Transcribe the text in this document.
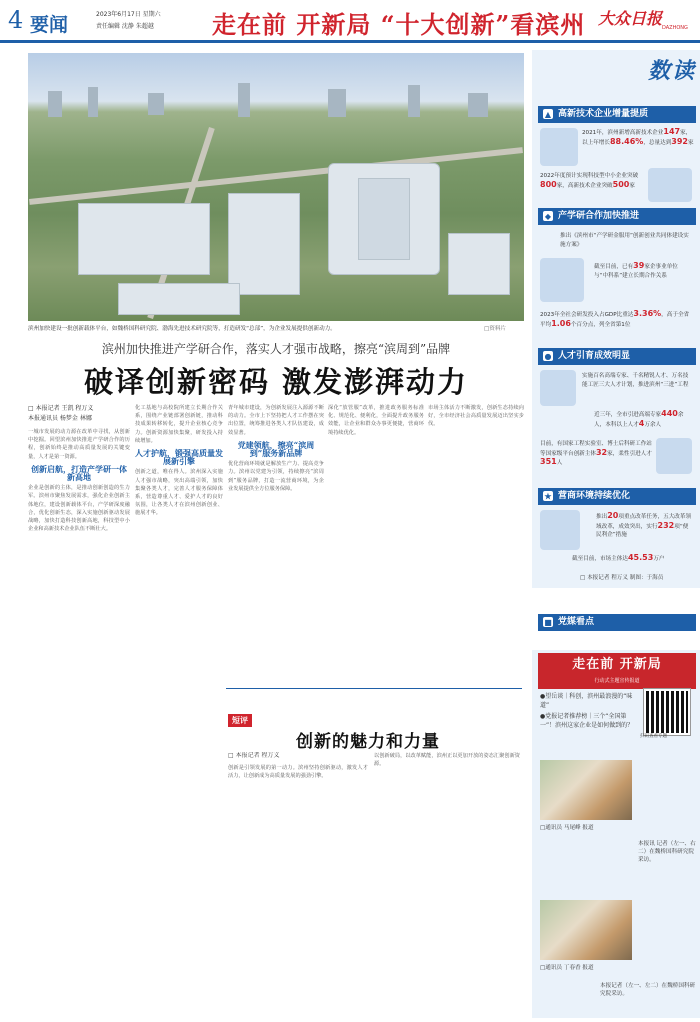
4 要闻	2023年6月17日 星期六
责任编辑 沈静 朱超越 走在前 开新局 “十大创新”看滨州 大众日报 DAZHONG
滨州加快建设一批创新载体平台，如魏桥国科研究院、渤海先进技术研究院等，打造研发“总部”，为企业发展提供创新动力。	□资料片
滨州加快推进产学研合作，落实人才强市战略，擦亮“滨周到”品牌
破译创新密码 激发澎湃动力
□ 本报记者 王凯 程万义
本报通讯员 杨梦金 林娜
一城市发展的动力源在改革中寻找，从创新中挖掘。回望滨州加快推进产学研合作的历程，创新始终是推动高质量发展的关键变量，人才是第一资源。
创新启航，打造产学研一体新高地
企业是创新的主体，是推动创新创造的生力军。滨州市聚焦发展需求，强化企业创新主体地位，建设创新载体平台，产学研深度融合，优化创新生态，深入实施创新驱动发展战略，加快打造科技创新高地，科技型中小企业和高新技术企业队伍不断壮大。
化工基地与高校院所建立长期合作关系，围绕产业链部署创新链，推动科技成果转移转化，提升企业核心竞争力。创新资源加快集聚，研发投入持续增加。
人才护航，锻强高质量发展新引擎
创新之道，唯在得人。滨州深入实施人才强市战略，突出高端引领，加快集聚各类人才，完善人才服务保障体系，营造尊重人才、爱护人才的良好氛围，让各类人才在滨州创新创业、施展才华。
青年城市建设，为创新发展注入源源不断的动力。全市上下坚持把人才工作摆在突出位置，统筹推进各类人才队伍建设，成效显著。
党建领航，擦亮“滨周到”服务新品牌
优化营商环境就是解放生产力、提高竞争力。滨州以党建为引领，持续擦亮“滨周到”服务品牌，打造一流营商环境，为企业发展提供全方位服务保障。
深化“放管服”改革，推进政务服务标准化、规范化、便利化，全面提升政务服务效能，让企业和群众办事更便捷，营商环境持续优化。
市场主体活力不断激发，创新生态持续向好，全市经济社会高质量发展迈出坚实步伐。
短评
创新的魅力和力量
□ 本报记者 程万义
创新是引领发展的第一动力。滨州坚持创新驱动，激发人才活力，让创新成为高质量发展的强劲引擎。
以创新破局，以改革赋能，滨州正以更加开放的姿态汇聚创新资源。
数读
▲ 高新技术企业增量提质
2021年，滨州新增高新技术企业147家，以上年增长88.46%，总量达到392家
2022年度预计实现科技型中小企业突破800家，高新技术企业突破500家
◆ 产学研合作加快推进
推出《滨州市“产学研金服用”创新创业共同体建设实施方案》
截至目前，已有39家企事业单位与“中科系”建立长期合作关系
2023年全社会研发投入占GDP比重达3.36%，高于全省平均1.06个百分点，列全省第1位
● 人才引育成效明显
实施百名高端专家、千名精锐人才、万名技能工匠三大人才计划，推进滨州“三进”工程
近三年，全市引进高端专家440余人，本科以上人才4万余人
目前，有国家工程实验室、博士后科研工作站等国家级平台创新主体32家，柔性引进人才351人
★ 营商环境持续优化
推出20项重点改革任务，五大改革领域改革，成效突出，实行232项“便民利企”措施
截至目前，市场主体达45.53万户
□ 本报记者 程万义 制图：于海员
走在前 开新局
行动式主题宣传报道
■ 党媒看点
●望岳谈｜科创，滨州最浪漫的“味道”
●党报记者推荐榜｜三个“全国第一”！滨州这家企业是如何做到的？
扫码查看专题
□通讯员 马尾峰 报道
本报讯 记者（左一、右二）在魏桥国科研究院采访。
□通讯员 丁春香 报道
本报记者（左一、左二）在魏桥国科研究院采访。
